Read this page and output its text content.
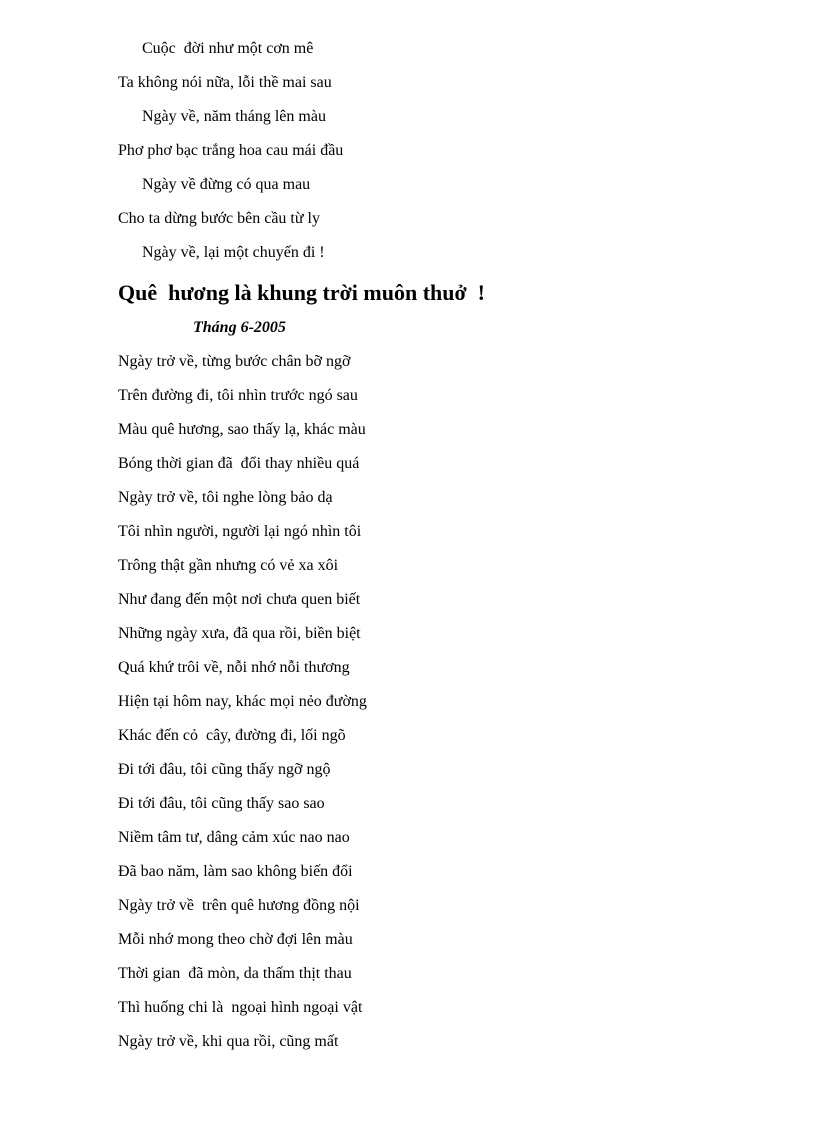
Cuộc  đời như một cơn mê
Ta không nói nữa, lỗi thề mai sau
Ngày về, năm tháng lên màu
Phơ phơ bạc trắng hoa cau mái đầu
Ngày về đừng có qua mau
Cho ta dừng bước bên cầu từ ly
Ngày về, lại một chuyến đi !
Quê  hương là khung trời muôn thuở  !
Tháng 6-2005
Ngày trở về, từng bước chân bỡ ngỡ
Trên đường đi, tôi nhìn trước ngó sau
Màu quê hương, sao thấy lạ, khác màu
Bóng thời gian đã  đổi thay nhiều quá
Ngày trở về, tôi nghe lòng bảo dạ
Tôi nhìn người, người lại ngó nhìn tôi
Trông thật gần nhưng có vẻ xa xôi
Như đang đến một nơi chưa quen biết
Những ngày xưa, đã qua rồi, biền biệt
Quá khứ trôi về, nỗi nhớ nỗi thương
Hiện tại hôm nay, khác mọi nẻo đường
Khác đến cỏ  cây, đường đi, lối ngõ
Đi tới đâu, tôi cũng thấy ngỡ ngộ
Đi tới đâu, tôi cũng thấy sao sao
Niềm tâm tư, dâng cảm xúc nao nao
Đã bao năm, làm sao không biến đổi
Ngày trở về  trên quê hương đồng nội
Mỗi nhớ mong theo chờ đợi lên màu
Thời gian  đã mòn, da thấm thịt thau
Thì huống chi là  ngoại hình ngoại vật
Ngày trở về, khi qua rồi, cũng mất
